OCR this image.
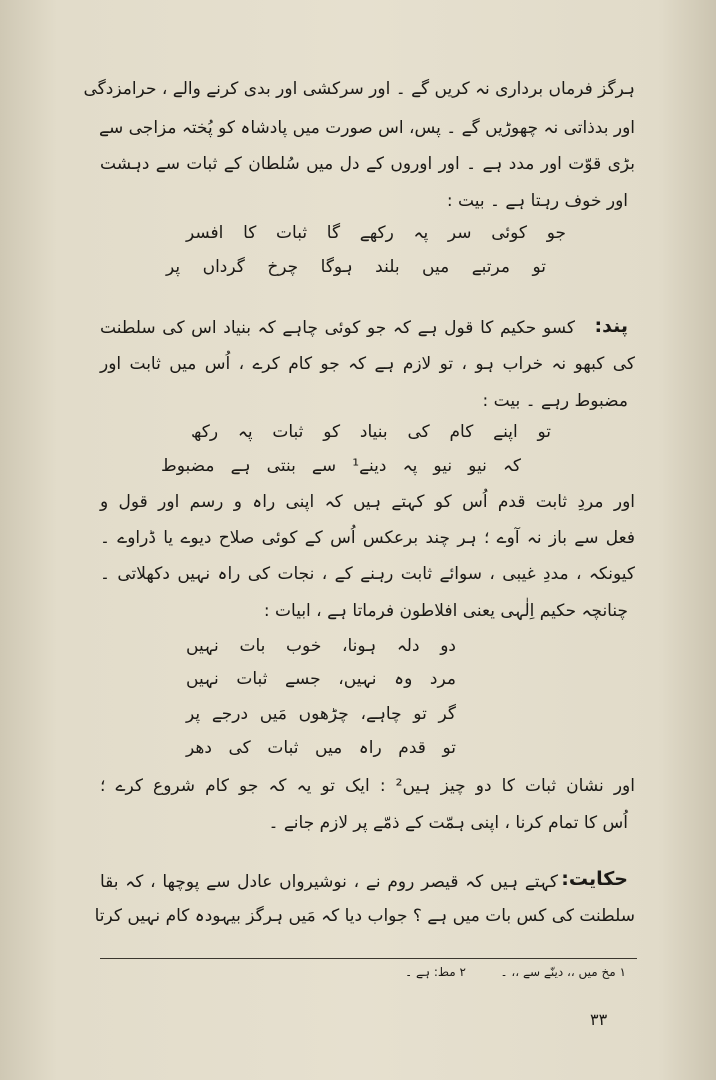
ہرگز فرماں برداری نہ کریں گے ۔ اور سرکشی اور بدی کرنے والے ، حرامزدگی
اور بدذاتی نہ چھوڑیں گے ۔ پس، اس صورت میں پادشاہ کو پُختہ مزاجی سے
بڑی قوّت اور مدد ہے ۔ اور اوروں کے دل میں سُلطان کے ثبات سے دہشت
اور خوف رہتا ہے ۔ بیت :
جو کوئی سر پہ رکھے گا ثبات کا افسر
تو مرتبے میں بلند ہوگا چرخ گرداں پر
پند:
کسو حکیم کا قول ہے کہ جو کوئی چاہے کہ بنیاد اس کی سلطنت
کی کبھو نہ خراب ہو ، تو لازم ہے کہ جو کام کرے ، اُس میں ثابت اور
مضبوط رہے ۔ بیت :
تو اپنے کام کی بنیاد کو ثبات پہ رکھ
کہ نیو نیو پہ دینے¹ سے بنتی ہے مضبوط
اور مردِ ثابت قدم اُس کو کہتے ہیں کہ اپنی راہ و رسم اور قول و
فعل سے باز نہ آوے ؛ ہر چند برعکس اُس کے کوئی صلاح دیوے یا ڈراوے ۔
کیونکہ ، مددِ غیبی ، سوائے ثابت رہنے کے ، نجات کی راہ نہیں دکھلاتی ۔
چنانچہ حکیم اِلٰہی یعنی افلاطون فرماتا ہے ، ابیات :
دو دلہ ہونا، خوب بات نہیں
مرد وہ نہیں، جسے ثبات نہیں
گر تو چاہے، چڑھوں مَیں درجے پر
تو قدم راہ میں ثبات کی دھر
اور نشان ثبات کا دو چیز ہیں² : ایک تو یہ کہ جو کام شروع کرے ؛
اُس کا تمام کرنا ، اپنی ہمّت کے ذمّے پر لازم جانے ۔
حکایت:
کہتے ہیں کہ قیصر روم نے ، نوشیرواں عادل سے پوچھا ، کہ بقا
سلطنت کی کس بات میں ہے ؟ جواب دیا کہ مَیں ہرگز بیہودہ کام نہیں کرتا
١ مخ میں ،، دینّے سے ،، ۔
٢ مط: ہے ۔
٣٣
